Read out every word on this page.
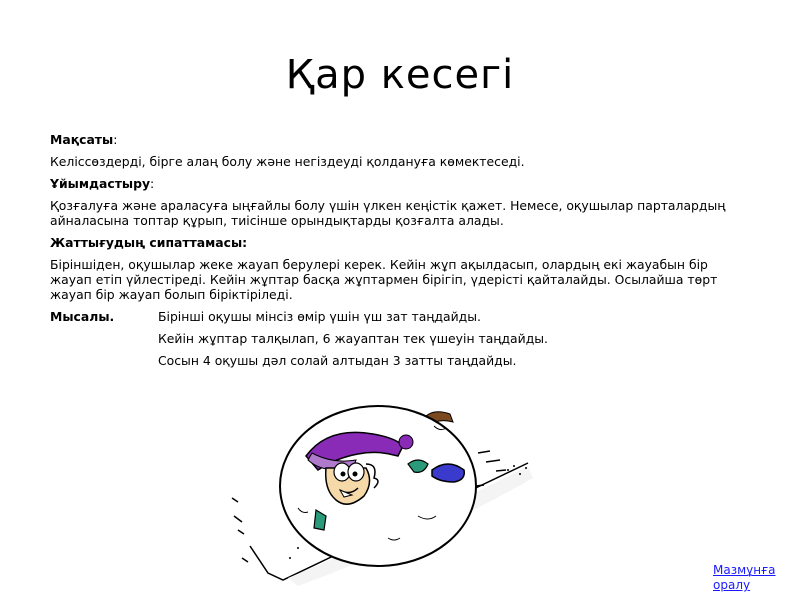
Қар кесегі

Мақсаты:

Келіссөздерді, бірге алаң болу және негіздеуді қолдануға көмектеседі.

Ұйымдастыру:

Қозғалуға және араласуға ыңғайлы болу үшін үлкен кеңістік қажет. Немесе, оқушылар парталардың айналасына топтар құрып, тиісінше орындықтарды қозғалта алады.

Жаттығудың сипаттамасы:

Біріншіден, оқушылар жеке жауап берулері керек. Кейін жұп ақылдасып, олардың екі жауабын бір жауап етіп үйлестіреді. Кейін жұптар басқа жұптармен бірігіп, үдерісті қайталайды. Осылайша төрт жауап бір жауап болып біріктіріледі.

Мысалы.	Бірінші оқушы мінсіз өмір үшін үш зат таңдайды.
Кейін жұптар талқылап, 6 жауаптан тек үшеуін таңдайды.
Сосын 4 оқушы дәл солай алтыдан 3 затты таңдайды.
Мазмұнға оралу
